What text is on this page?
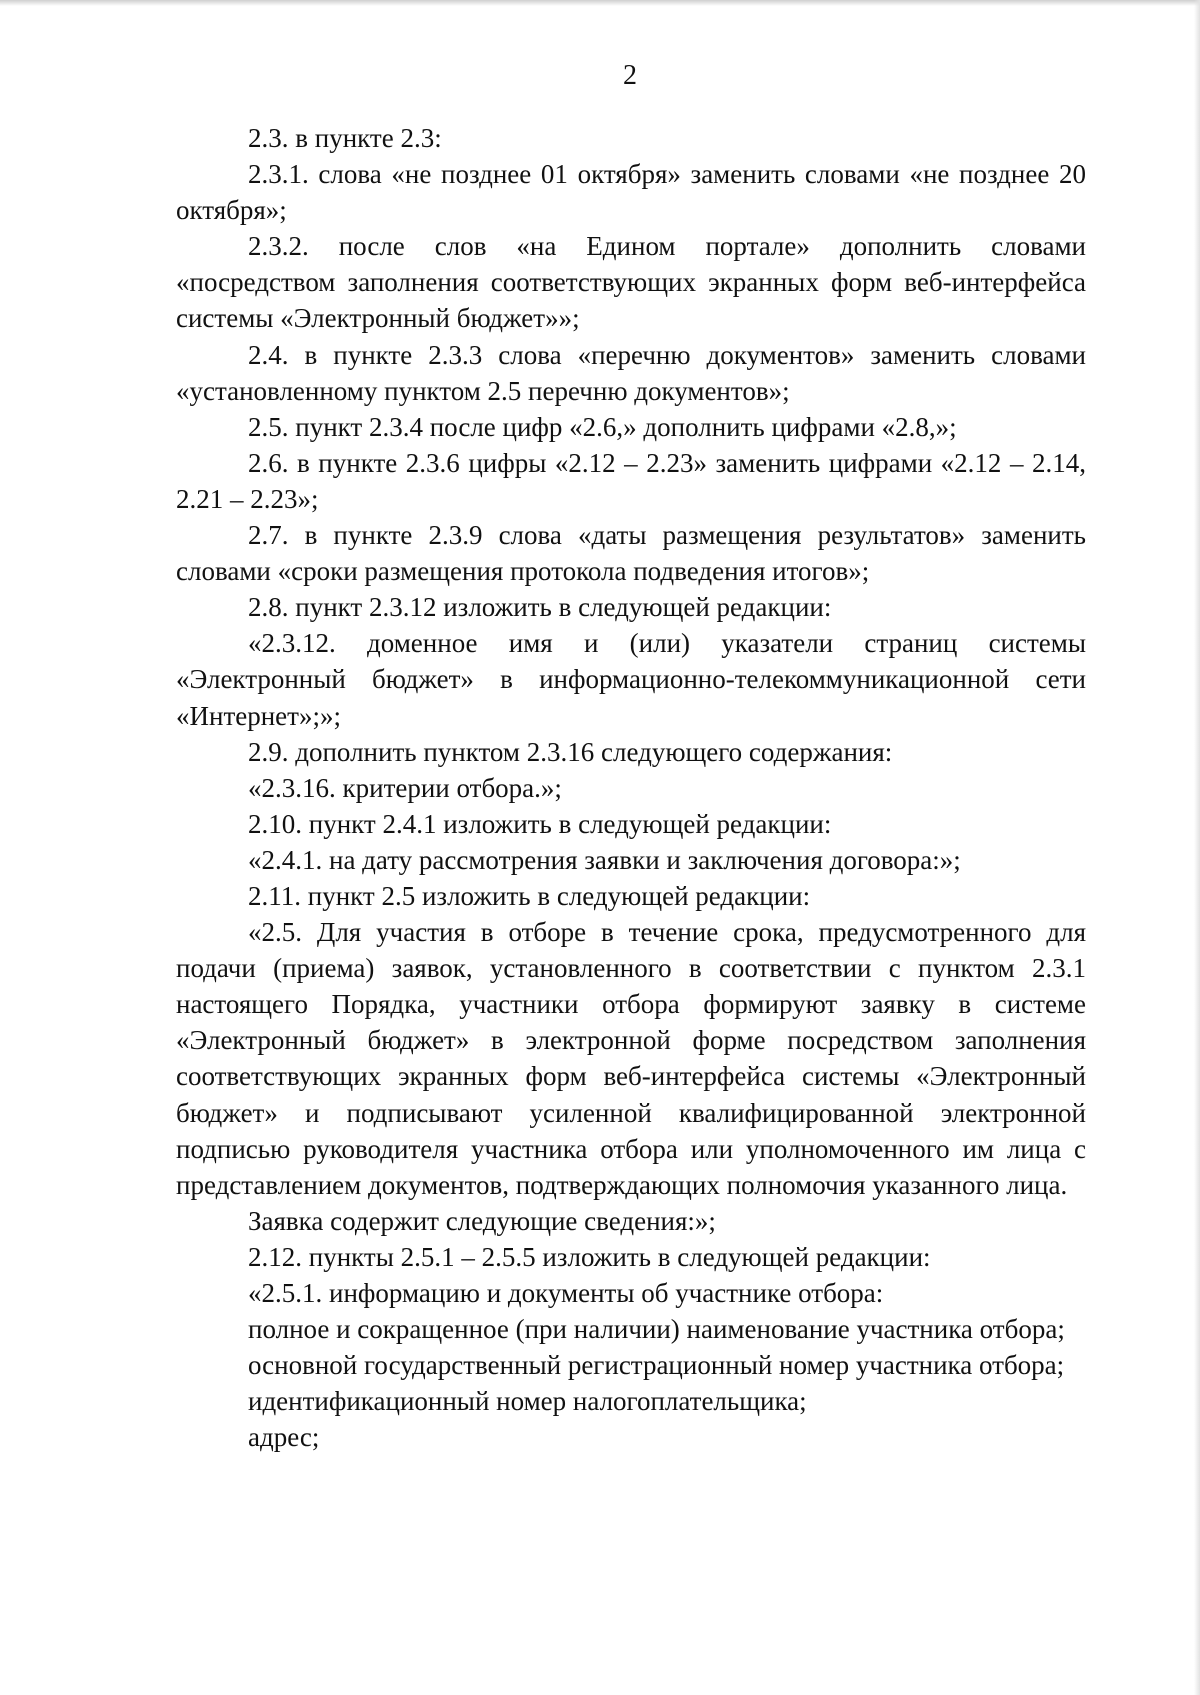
2

2.3. в пункте 2.3:

2.3.1. слова «не позднее 01 октября» заменить словами «не позднее 20 октября»;

2.3.2. после слов «на Едином портале» дополнить словами «посредством заполнения соответствующих экранных форм веб-интерфейса системы «Электронный бюджет»»;

2.4. в пункте 2.3.3 слова «перечню документов» заменить словами «установленному пунктом 2.5 перечню документов»;

2.5. пункт 2.3.4 после цифр «2.6,» дополнить цифрами «2.8,»;

2.6. в пункте 2.3.6 цифры «2.12 – 2.23» заменить цифрами «2.12 – 2.14, 2.21 – 2.23»;

2.7. в пункте 2.3.9 слова «даты размещения результатов» заменить словами «сроки размещения протокола подведения итогов»;

2.8. пункт 2.3.12 изложить в следующей редакции:

«2.3.12. доменное имя и (или) указатели страниц системы «Электронный бюджет» в информационно-телекоммуникационной сети «Интернет»;»;

2.9. дополнить пунктом 2.3.16 следующего содержания:

«2.3.16. критерии отбора.»;

2.10. пункт 2.4.1 изложить в следующей редакции:

«2.4.1. на дату рассмотрения заявки и заключения договора:»;

2.11. пункт 2.5 изложить в следующей редакции:

«2.5. Для участия в отборе в течение срока, предусмотренного для подачи (приема) заявок, установленного в соответствии с пунктом 2.3.1 настоящего Порядка, участники отбора формируют заявку в системе «Электронный бюджет» в электронной форме посредством заполнения соответствующих экранных форм веб-интерфейса системы «Электронный бюджет» и подписывают усиленной квалифицированной электронной подписью руководителя участника отбора или уполномоченного им лица с представлением документов, подтверждающих полномочия указанного лица.

Заявка содержит следующие сведения:»;

2.12. пункты 2.5.1 – 2.5.5 изложить в следующей редакции:

«2.5.1. информацию и документы об участнике отбора:

полное и сокращенное (при наличии) наименование участника отбора;

основной государственный регистрационный номер участника отбора;

идентификационный номер налогоплательщика;

адрес;
